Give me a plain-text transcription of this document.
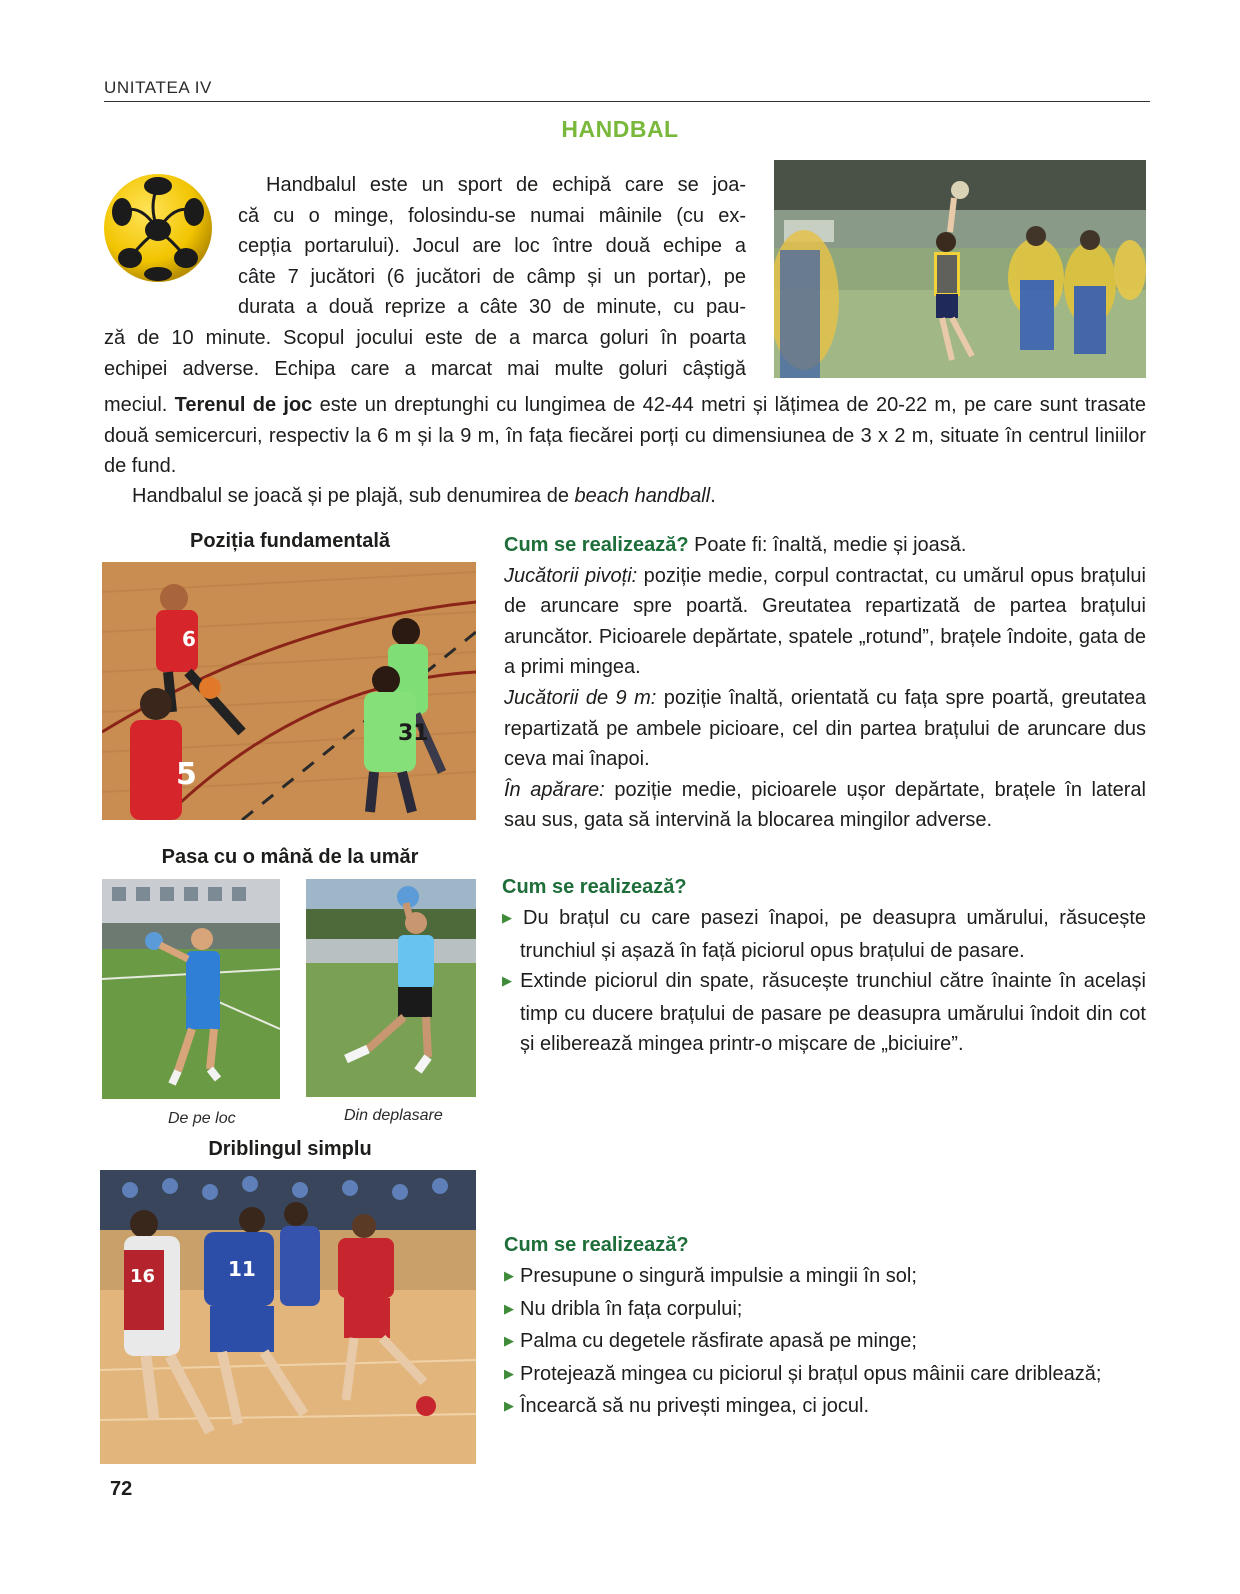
UNITATEA IV
HANDBAL
Handbalul este un sport de echipă care se joa-
că cu o minge, folosindu-se numai mâinile (cu ex-
cepția portarului). Jocul are loc între două echipe a
câte 7 jucători (6 jucători de câmp și un portar), pe
durata a două reprize a câte 30 de minute, cu pau-
ză de 10 minute. Scopul jocului este de a marca goluri în poarta
echipei adverse. Echipa care a marcat mai multe goluri câștigă
meciul. Terenul de joc este un dreptunghi cu lungimea de 42-44 metri și lățimea de 20-22 m, pe care sunt trasate două semicercuri, respectiv la 6 m și la 9 m, în fața fiecărei porți cu dimensiunea de 3 x 2 m, situate în centrul liniilor de fund.
Handbalul se joacă și pe plajă, sub denumirea de beach handball.
Poziția fundamentală
6
5
31
Cum se realizează? Poate fi: înaltă, medie și joasă.
Jucătorii pivoți: poziție medie, corpul contractat, cu umărul opus brațului de aruncare spre poartă. Greutatea repartizată de partea brațului aruncător. Picioarele depărtate, spatele „rotund”, brațele îndoite, gata de a primi mingea.
Jucătorii de 9 m: poziție înaltă, orientată cu fața spre poartă, greutatea repartizată pe ambele picioare, cel din partea brațului de aruncare dus ceva mai înapoi.
În apărare: poziție medie, picioarele ușor depărtate, brațele în lateral sau sus, gata să intervină la blocarea mingilor adverse.
Pasa cu o mână de la umăr
De pe loc	Din deplasare
Cum se realizează?
▶ Du brațul cu care pasezi înapoi, pe deasupra umărului, răsucește trunchiul și așază în față piciorul opus brațului de pasare.
▶ Extinde piciorul din spate, răsucește trunchiul către înainte în același timp cu ducere brațului de pasare pe deasupra umărului îndoit din cot și eliberează mingea printr-o mișcare de „biciuire”.
Driblingul simplu
16	11
Cum se realizează?
▶ Presupune o singură impulsie a mingii în sol;
▶ Nu dribla în fața corpului;
▶ Palma cu degetele răsfirate apasă pe minge;
▶ Protejează mingea cu piciorul și brațul opus mâinii care driblează;
▶ Încearcă să nu privești mingea, ci jocul.
72
